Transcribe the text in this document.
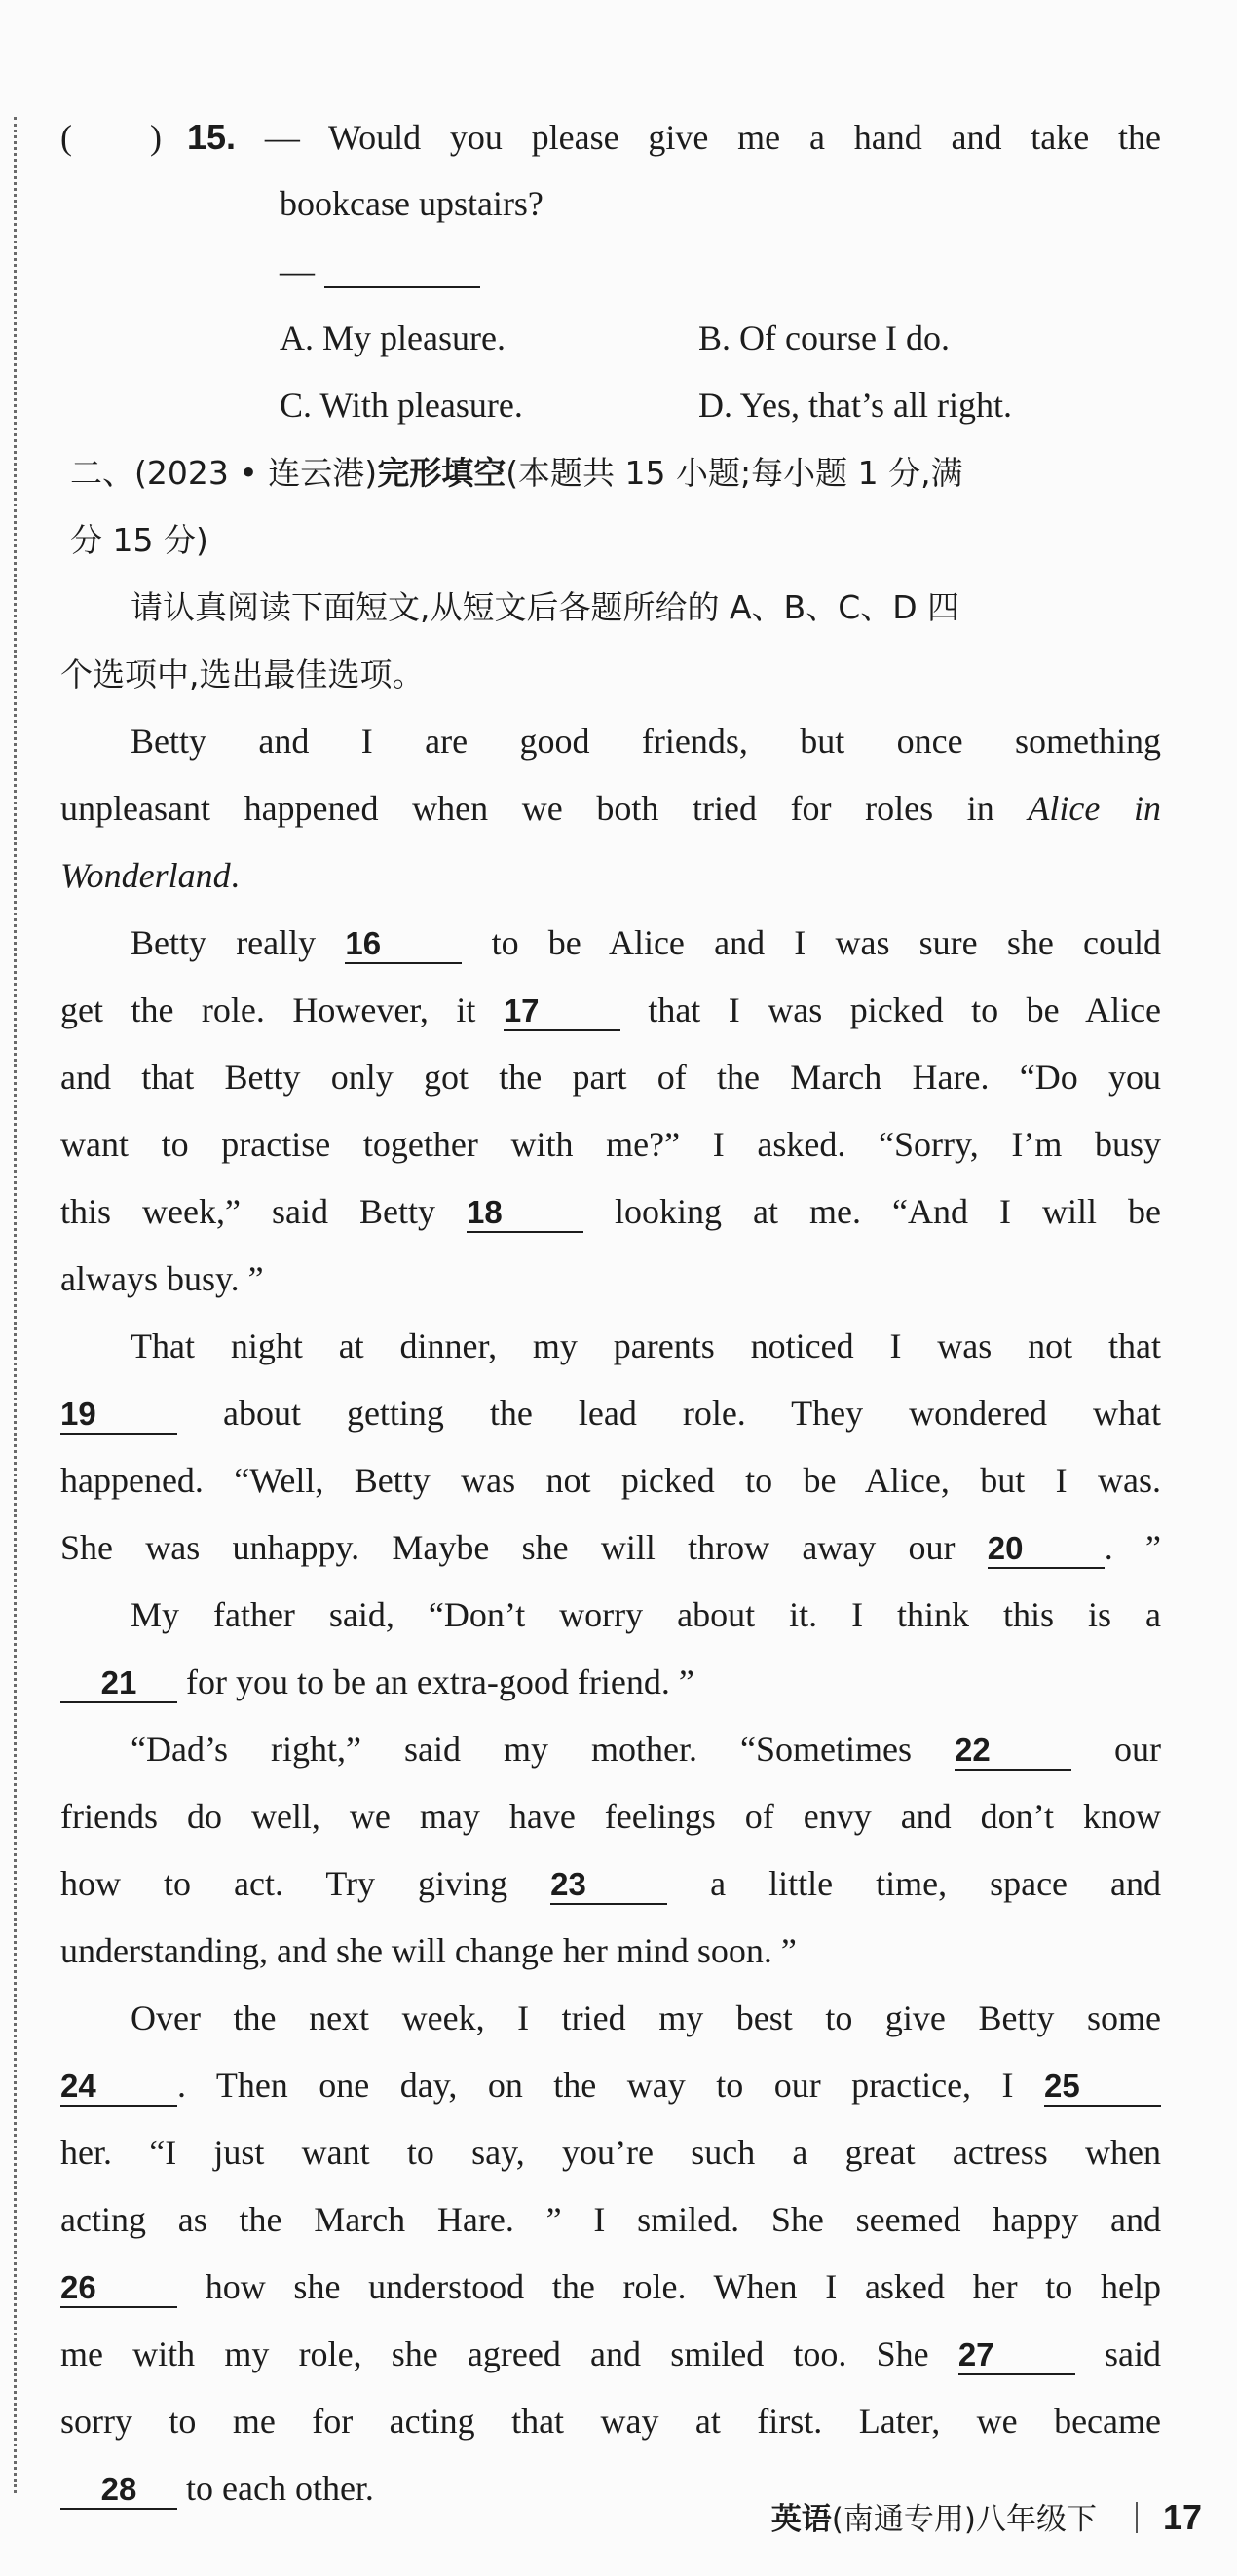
( ) 15. — Would you please give me a hand and take the
bookcase upstairs?
—
A. My pleasure.	B. Of course I do.
C. With pleasure.	D. Yes, that’s all right.
二、(2023 • 连云港)完形填空(本题共 15 小题;每小题 1 分,满
分 15 分)
请认真阅读下面短文,从短文后各题所给的 A、B、C、D 四
个选项中,选出最佳选项。
Betty and I are good friends, but once something
unpleasant happened when we both tried for roles in Alice in
Wonderland.
Betty really 16	to be Alice and I was sure she could
get the role. However, it 17	that I was picked to be Alice
and that Betty only got the part of the March Hare. “Do you
want to practise together with me?” I asked. “Sorry, I’m busy
this week,” said Betty 18	looking at me. “And I will be
always busy. ”
That night at dinner, my parents noticed I was not that
19	about getting the lead role. They wondered what
happened. “Well, Betty was not picked to be Alice, but I was.
She was unhappy. Maybe she will throw away our 20 . ”
My father said, “Don’t worry about it. I think this is a
21 for you to be an extra-good friend. ”
“Dad’s right,” said my mother. “Sometimes 22	our
friends do well, we may have feelings of envy and don’t know
how to act. Try giving 23	a little time, space and
understanding, and she will change her mind soon. ”
Over the next week, I tried my best to give Betty some
24 . Then one day, on the way to our practice, I 25
her. “I just want to say, you’re such a great actress when
acting as the March Hare. ” I smiled. She seemed happy and
26	how she understood the role. When I asked her to help
me with my role, she agreed and smiled too. She 27	said
sorry to me for acting that way at first. Later, we became
28 to each other.
英语(南通专用)八年级下 17
